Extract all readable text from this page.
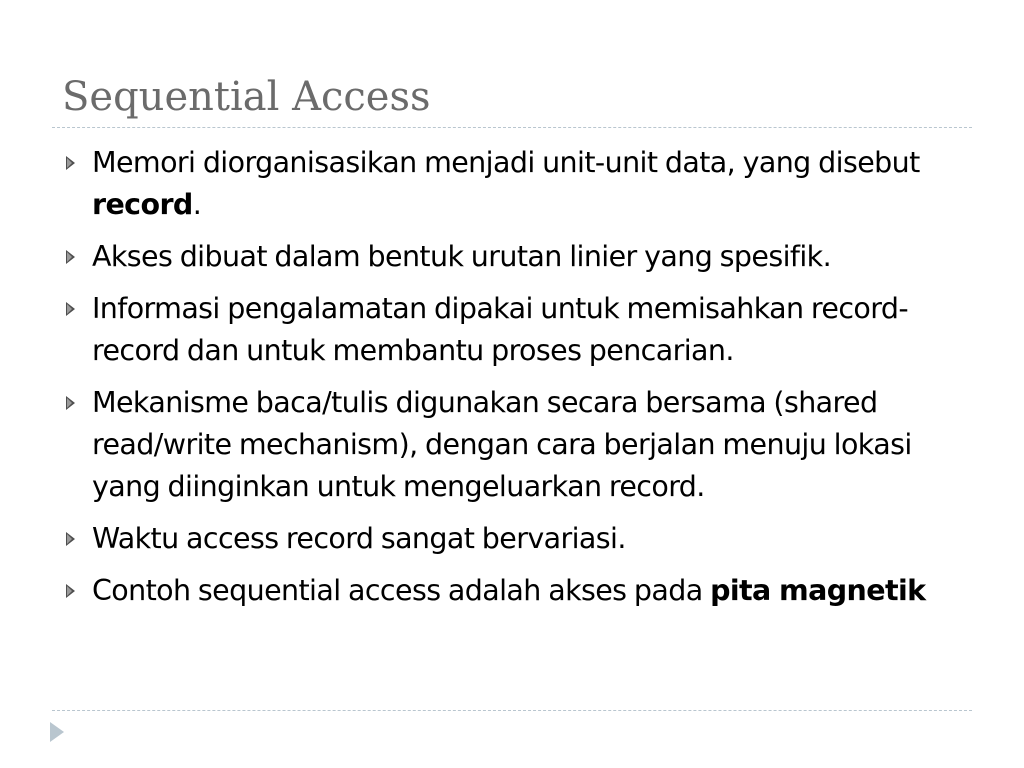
Sequential Access
Memori diorganisasikan menjadi unit-unit data, yang disebut record.
Akses dibuat dalam bentuk urutan linier yang spesifik.
Informasi pengalamatan dipakai untuk memisahkan record-record dan untuk membantu proses pencarian.
Mekanisme baca/tulis digunakan secara bersama (shared read/write mechanism), dengan cara berjalan menuju lokasi yang diinginkan untuk mengeluarkan record.
Waktu access record sangat bervariasi.
Contoh sequential access adalah akses pada pita magnetik
